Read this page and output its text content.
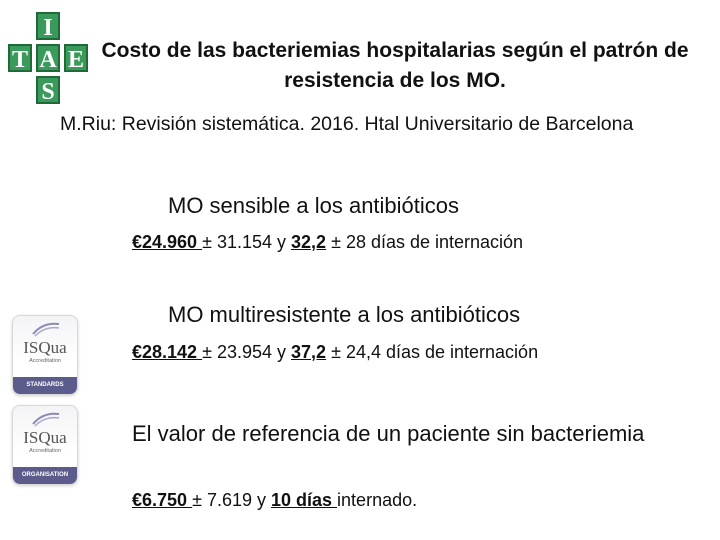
I
T A E
S
Costo de las bacteriemias hospitalarias según el patrón de resistencia de los MO.
M.Riu: Revisión sistemática. 2016. Htal Universitario de Barcelona
MO sensible a los antibióticos
€24.960 ± 31.154 y 32,2 ± 28 días de internación
MO multiresistente a los antibióticos
€28.142 ± 23.954 y 37,2 ± 24,4 días de internación
El valor de referencia de un paciente sin bacteriemia
€6.750 ± 7.619 y 10 días internado.
ISQua
Accreditation
STANDARDS
ISQua
Accreditation
ORGANISATION
